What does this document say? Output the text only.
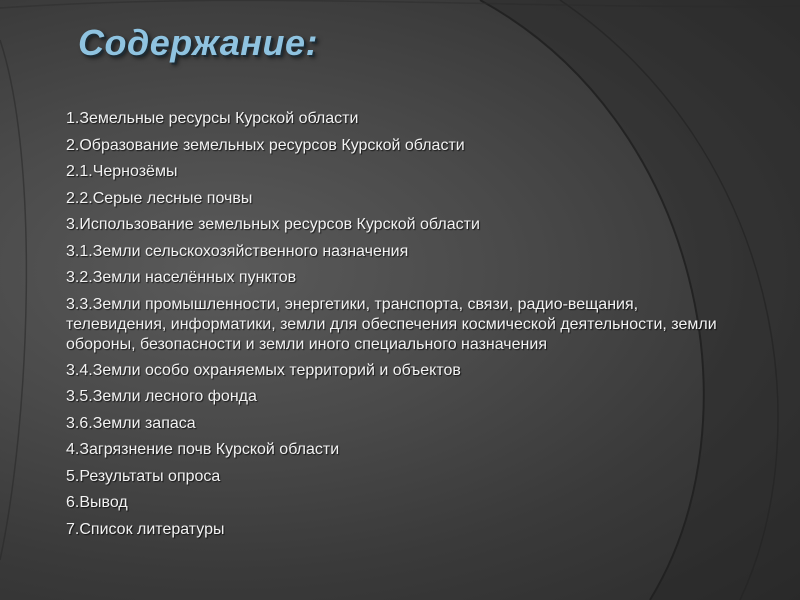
Содержание:
1.Земельные ресурсы Курской области
2.Образование земельных ресурсов Курской области
2.1.Чернозёмы
2.2.Серые лесные почвы
3.Использование земельных ресурсов Курской области
3.1.Земли сельскохозяйственного назначения
3.2.Земли населённых пунктов
3.3.Земли промышленности, энергетики, транспорта, связи, радио-вещания, телевидения, информатики, земли для обеспечения космической деятельности, земли обороны, безопасности и земли иного специального назначения
3.4.Земли особо охраняемых территорий и объектов
3.5.Земли лесного фонда
3.6.Земли запаса
4.Загрязнение почв Курской области
5.Результаты опроса
6.Вывод
7.Список литературы
